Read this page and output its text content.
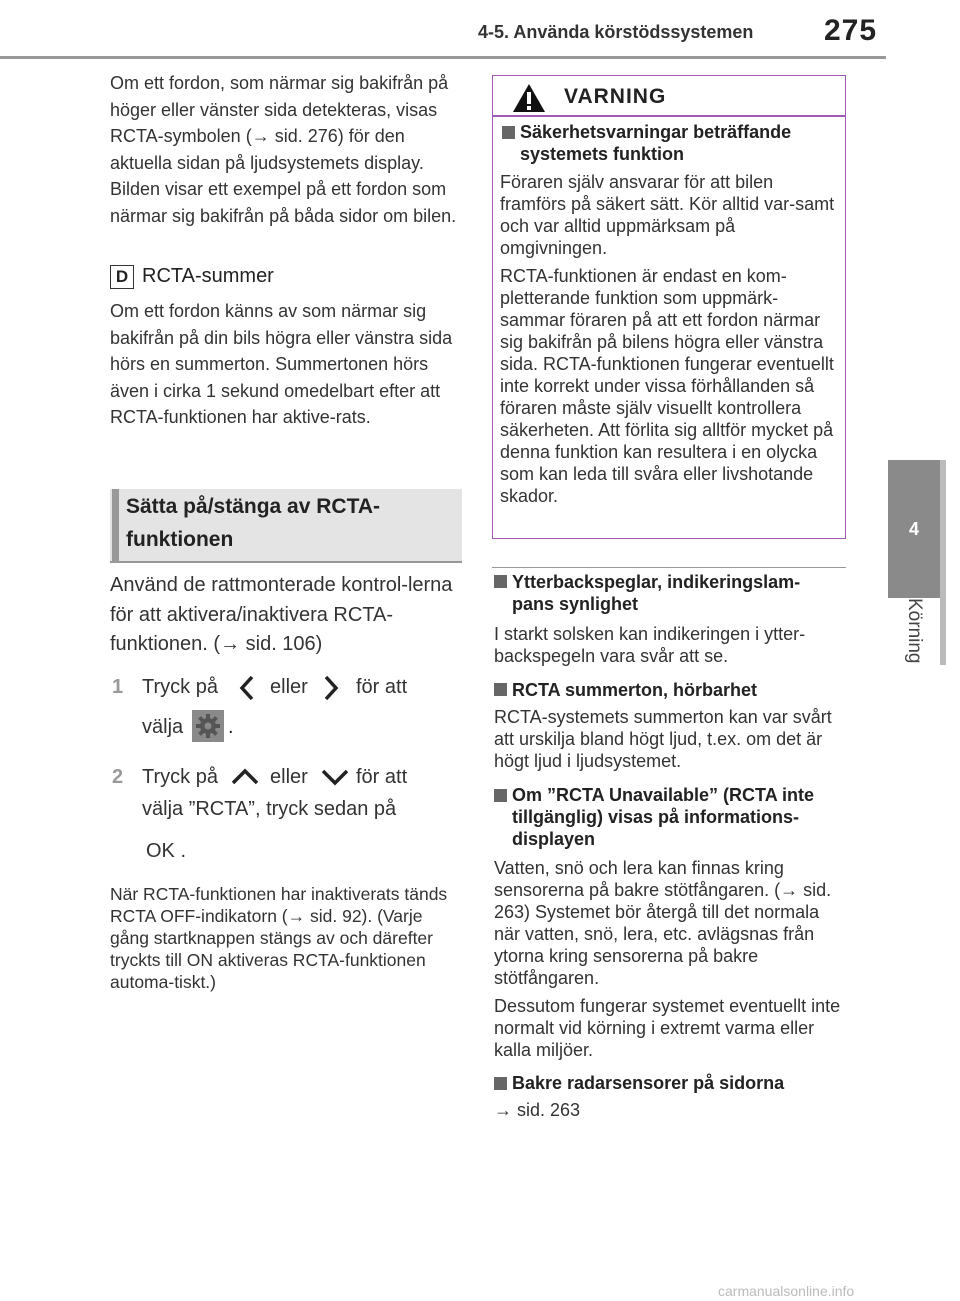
4-5. Använda körstödssystemen 275
4
Körning
Om ett fordon, som närmar sig bakifrån på höger eller vänster sida detekteras, visas RCTA-symbolen (→ sid. 276) för den aktuella sidan på ljudsystemets display. Bilden visar ett exempel på ett fordon som närmar sig bakifrån på båda sidor om bilen.
D RCTA-summer
Om ett fordon känns av som närmar sig bakifrån på din bils högra eller vänstra sida hörs en summerton. Summertonen hörs även i cirka 1 sekund omedelbart efter att RCTA-funktionen har aktive-rats.
Sätta på/stänga av RCTA-funktionen
Använd de rattmonterade kontrol-lerna för att aktivera/inaktivera RCTA-funktionen. (→ sid. 106)
1 Tryck på	eller för att
välja .
2 Tryck på	eller för att
välja ”RCTA”, tryck sedan på
OK .
När RCTA-funktionen har inaktiverats tänds RCTA OFF-indikatorn (→ sid. 92). (Varje gång startknappen stängs av och därefter tryckts till ON aktiveras RCTA-funktionen automa-tiskt.)
VARNING
Säkerhetsvarningar beträffande systemets funktion
Föraren själv ansvarar för att bilen framförs på säkert sätt. Kör alltid var-samt och var alltid uppmärksam på omgivningen.
RCTA-funktionen är endast en kom-pletterande funktion som uppmärk-sammar föraren på att ett fordon närmar sig bakifrån på bilens högra eller vänstra sida. RCTA-funktionen fungerar eventuellt inte korrekt under vissa förhållanden så föraren måste själv visuellt kontrollera säkerheten. Att förlita sig alltför mycket på denna funktion kan resultera i en olycka som kan leda till svåra eller livshotande skador.
Ytterbackspeglar, indikeringslam-pans synlighet
I starkt solsken kan indikeringen i ytter-backspegeln vara svår att se.
RCTA summerton, hörbarhet
RCTA-systemets summerton kan var svårt att urskilja bland högt ljud, t.ex. om det är högt ljud i ljudsystemet.
Om ”RCTA Unavailable” (RCTA inte tillgänglig) visas på informations-displayen
Vatten, snö och lera kan finnas kring sensorerna på bakre stötfångaren. (→ sid. 263) Systemet bör återgå till det normala när vatten, snö, lera, etc. avlägsnas från ytorna kring sensorerna på bakre stötfångaren.
Dessutom fungerar systemet eventuellt inte normalt vid körning i extremt varma eller kalla miljöer.
Bakre radarsensorer på sidorna
→ sid. 263
carmanualsonline.info
